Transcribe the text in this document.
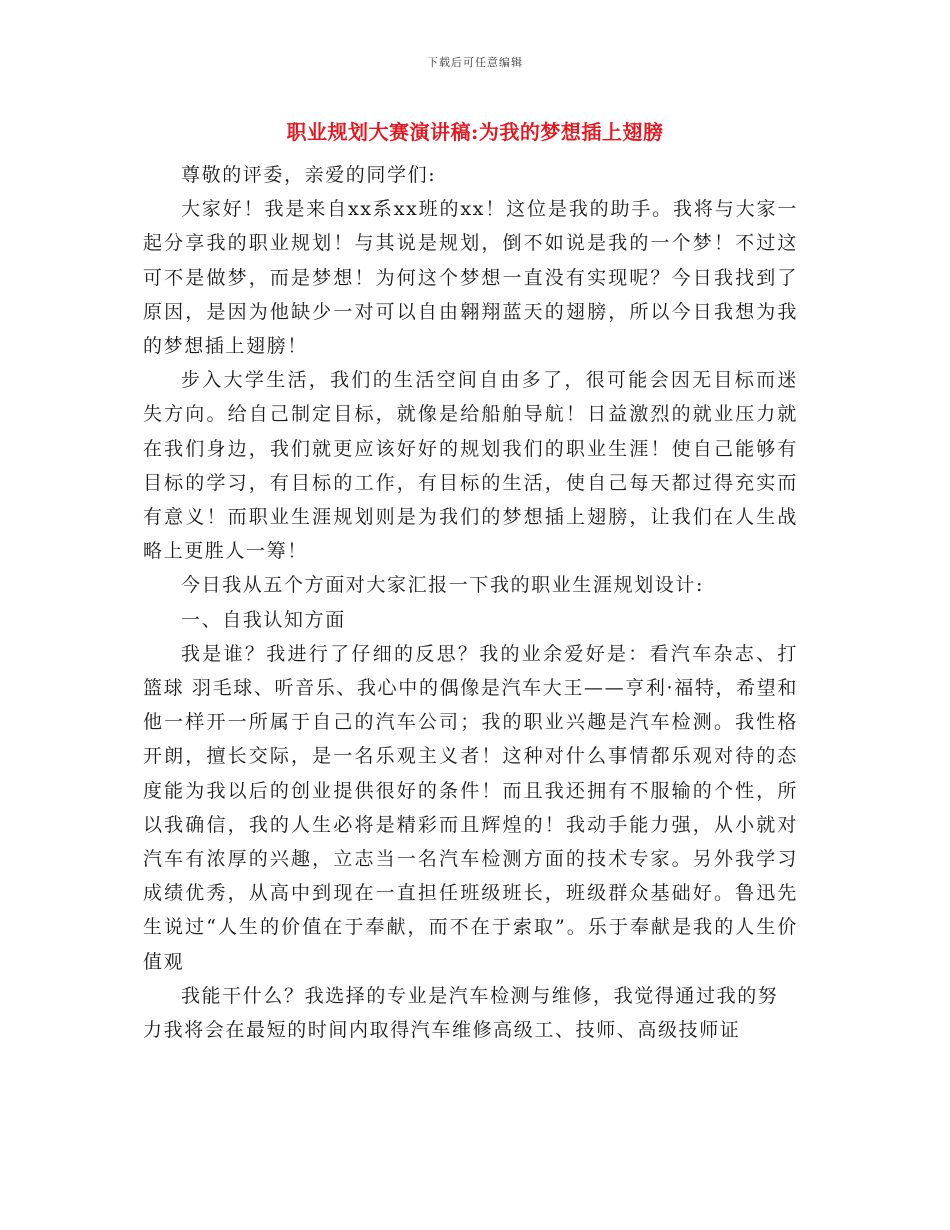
下载后可任意编辑
职业规划大赛演讲稿:为我的梦想插上翅膀

尊敬的评委，亲爱的同学们:

大家好！我是来自xx系xx班的xx！这位是我的助手。我将与大家一起分享我的职业规划！与其说是规划，倒不如说是我的一个梦！不过这可不是做梦，而是梦想！为何这个梦想一直没有实现呢？今日我找到了原因，是因为他缺少一对可以自由翱翔蓝天的翅膀，所以今日我想为我的梦想插上翅膀！

步入大学生活，我们的生活空间自由多了，很可能会因无目标而迷失方向。给自己制定目标，就像是给船舶导航！日益激烈的就业压力就在我们身边，我们就更应该好好的规划我们的职业生涯！使自己能够有目标的学习，有目标的工作，有目标的生活，使自己每天都过得充实而有意义！而职业生涯规划则是为我们的梦想插上翅膀，让我们在人生战略上更胜人一筹！

今日我从五个方面对大家汇报一下我的职业生涯规划设计:

一、自我认知方面

我是谁？我进行了仔细的反思？我的业余爱好是：看汽车杂志、打篮球 羽毛球、听音乐、我心中的偶像是汽车大王——亨利·福特，希望和他一样开一所属于自己的汽车公司；我的职业兴趣是汽车检测。我性格开朗，擅长交际，是一名乐观主义者！这种对什么事情都乐观对待的态度能为我以后的创业提供很好的条件！而且我还拥有不服输的个性，所以我确信，我的人生必将是精彩而且辉煌的！我动手能力强，从小就对汽车有浓厚的兴趣，立志当一名汽车检测方面的技术专家。另外我学习成绩优秀，从高中到现在一直担任班级班长，班级群众基础好。鲁迅先生说过“人生的价值在于奉献，而不在于索取”。乐于奉献是我的人生价值观

我能干什么？我选择的专业是汽车检测与维修，我觉得通过我的努力我将会在最短的时间内取得汽车维修高级工、技师、高级技师证
